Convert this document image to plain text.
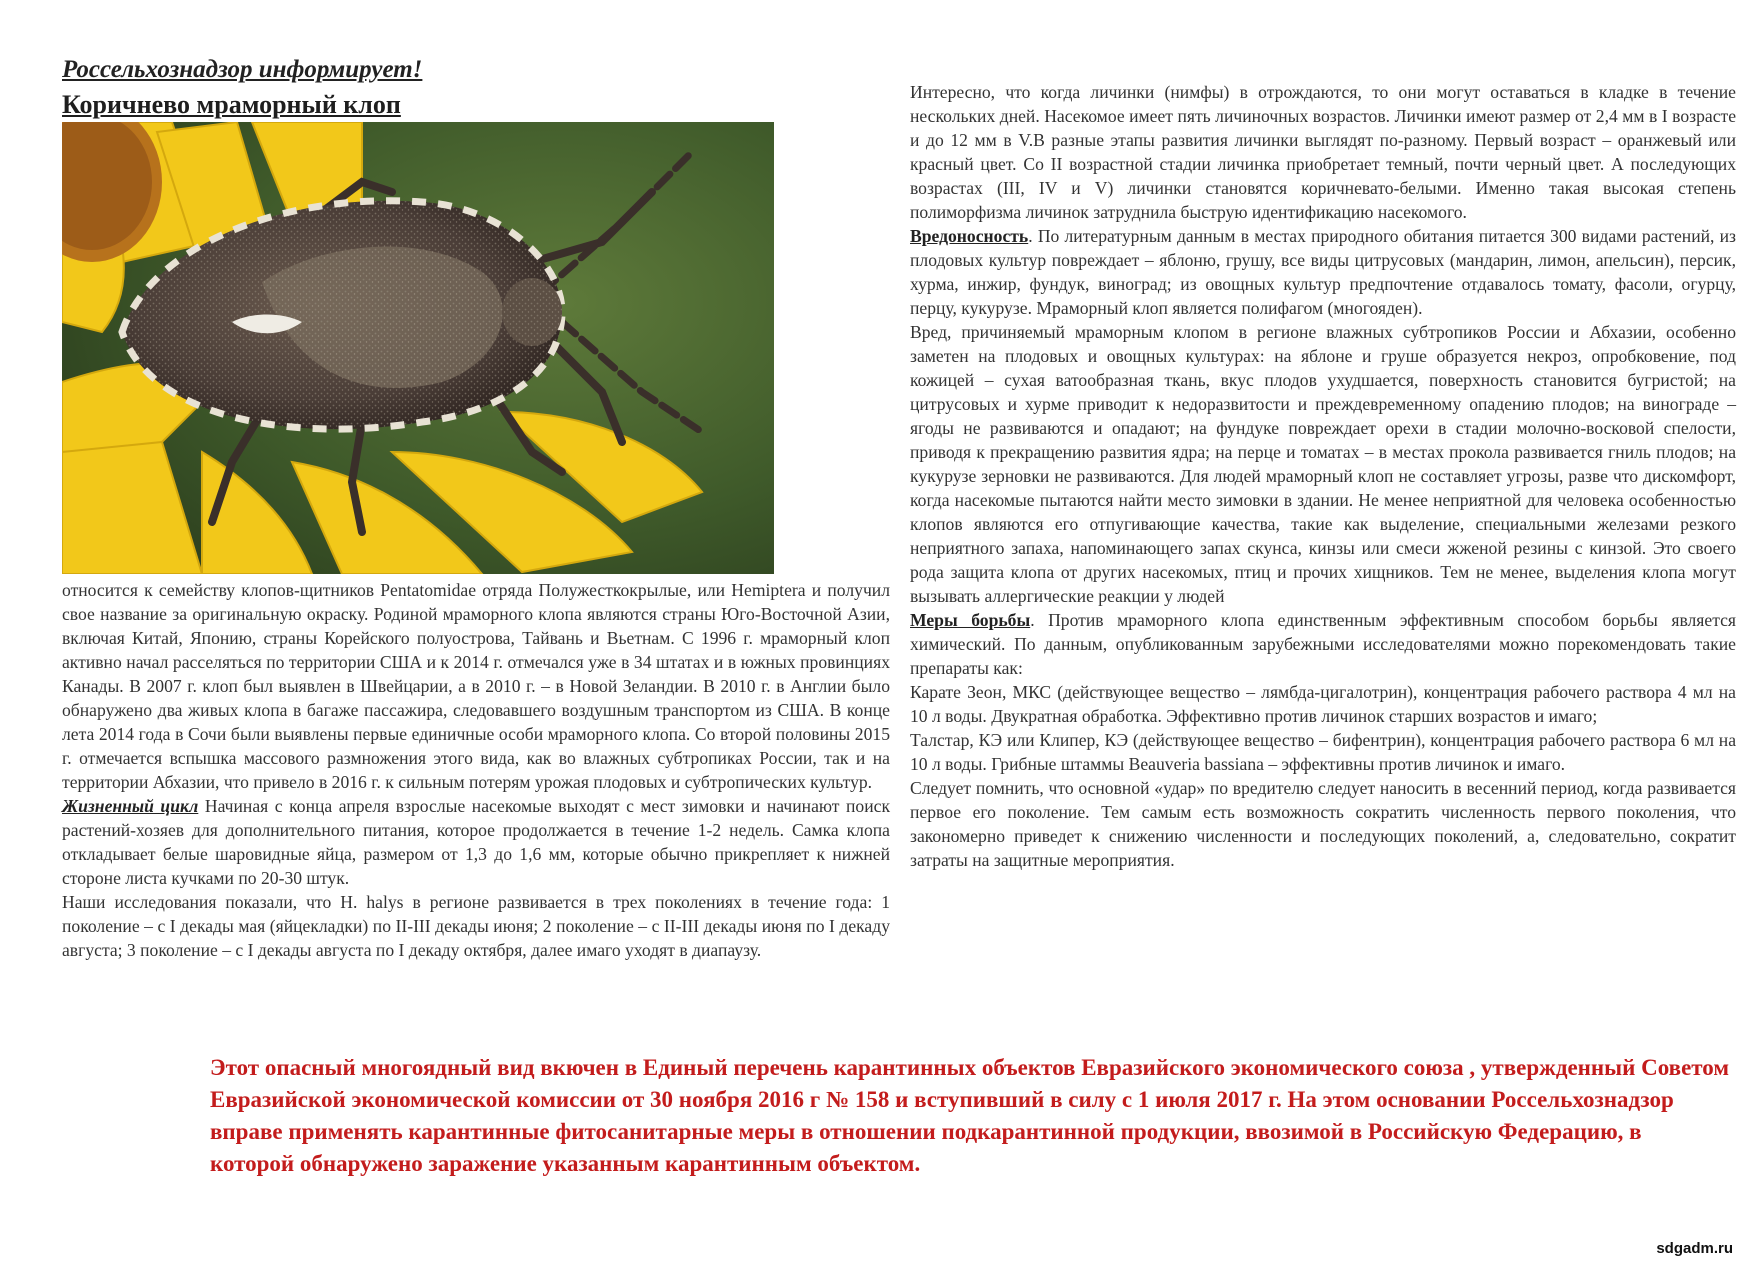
Россельхознадзор информирует!
Коричнево мраморный клоп

относится к семейству клопов-щитников Pentatomidae отряда Полужесткокрылые, или Hemiptera и получил свое название за оригинальную окраску. Родиной мраморного клопа являются страны Юго-Восточной Азии, включая Китай, Японию, страны Корейского полуострова, Тайвань и Вьетнам. С 1996 г. мраморный клоп активно начал расселяться по территории США и к 2014 г. отмечался уже в 34 штатах и в южных провинциях Канады. В 2007 г. клоп был выявлен в Швейцарии, а в 2010 г. – в Новой Зеландии. В 2010 г. в Англии было обнаружено два живых клопа в багаже пассажира, следовавшего воздушным транспортом из США. В конце лета 2014 года в Сочи были выявлены первые единичные особи мраморного клопа. Со второй половины 2015 г. отмечается вспышка массового размножения этого вида, как во влажных субтропиках России, так и на территории Абхазии, что привело в 2016 г. к сильным потерям урожая плодовых и субтропических культур.

Жизненный цикл Начиная с конца апреля взрослые насекомые выходят с мест зимовки и начинают поиск растений-хозяев для дополнительного питания, которое продолжается в течение 1-2 недель. Самка клопа откладывает белые шаровидные яйца, размером от 1,3 до 1,6 мм, которые обычно прикрепляет к нижней стороне листа кучками по 20-30 штук.

Наши исследования показали, что H. halys в регионе развивается в трех поколениях в течение года: 1 поколение – с I декады мая (яйцекладки) по II-III декады июня; 2 поколение – с II-III декады июня по I декаду августа; 3 поколение – с I декады августа по I декаду октября, далее имаго уходят в диапаузу.

Интересно, что когда личинки (нимфы) в отрождаются, то они могут оставаться в кладке в течение нескольких дней. Насекомое имеет пять личиночных возрастов. Личинки имеют размер от 2,4 мм в I возрасте и до 12 мм в V.В разные этапы развития личинки выглядят по-разному. Первый возраст – оранжевый или красный цвет. Со II возрастной стадии личинка приобретает темный, почти черный цвет. А последующих возрастах (III, IV и V) личинки становятся коричневато-белыми. Именно такая высокая степень полиморфизма личинок затруднила быструю идентификацию насекомого.

Вредоносность. По литературным данным в местах природного обитания питается 300 видами растений, из плодовых культур повреждает – яблоню, грушу, все виды цитрусовых (мандарин, лимон, апельсин), персик, хурма, инжир, фундук, виноград; из овощных культур предпочтение отдавалось томату, фасоли, огурцу, перцу, кукурузе. Мраморный клоп является полифагом (многояден).

Вред, причиняемый мраморным клопом в регионе влажных субтропиков России и Абхазии, особенно заметен на плодовых и овощных культурах: на яблоне и груше образуется некроз, опробковение, под кожицей – сухая ватообразная ткань, вкус плодов ухудшается, поверхность становится бугристой; на цитрусовых и хурме приводит к недоразвитости и преждевременному опадению плодов; на винограде – ягоды не развиваются и опадают; на фундуке повреждает орехи в стадии молочно-восковой спелости, приводя к прекращению развития ядра; на перце и томатах – в местах прокола развивается гниль плодов; на кукурузе зерновки не развиваются. Для людей мраморный клоп не составляет угрозы, разве что дискомфорт, когда насекомые пытаются найти место зимовки в здании. Не менее неприятной для человека особенностью клопов являются его отпугивающие качества, такие как выделение, специальными железами резкого неприятного запаха, напоминающего запах скунса, кинзы или смеси жженой резины с кинзой. Это своего рода защита клопа от других насекомых, птиц и прочих хищников. Тем не менее, выделения клопа могут вызывать аллергические реакции у людей

Меры борьбы. Против мраморного клопа единственным эффективным способом борьбы является химический. По данным, опубликованным зарубежными исследователями можно порекомендовать такие препараты как:

Карате Зеон, МКС (действующее вещество – лямбда-цигалотрин), концентрация рабочего раствора 4 мл на 10 л воды. Двукратная обработка. Эффективно против личинок старших возрастов и имаго;

Талстар, КЭ или Клипер, КЭ (действующее вещество – бифентрин), концентрация рабочего раствора 6 мл на 10 л воды. Грибные штаммы Beauveria bassiana – эффективны против личинок и имаго.

Следует помнить, что основной «удар» по вредителю следует наносить в весенний период, когда развивается первое его поколение. Тем самым есть возможность сократить численность первого поколения, что закономерно приведет к снижению численности и последующих поколений, а, следовательно, сократит затраты на защитные мероприятия.

Этот опасный многоядный вид вкючен в Единый перечень карантинных объектов Евразийского экономического союза , утвержденный Советом Евразийской экономической комиссии от 30 ноября 2016 г № 158 и вступивший в силу с 1 июля 2017 г. На этом основании Россельхознадзор вправе применять карантинные фитосанитарные меры в отношении подкарантинной продукции, ввозимой в Российскую Федерацию, в которой обнаружено заражение указанным карантинным объектом.

sdgadm.ru
